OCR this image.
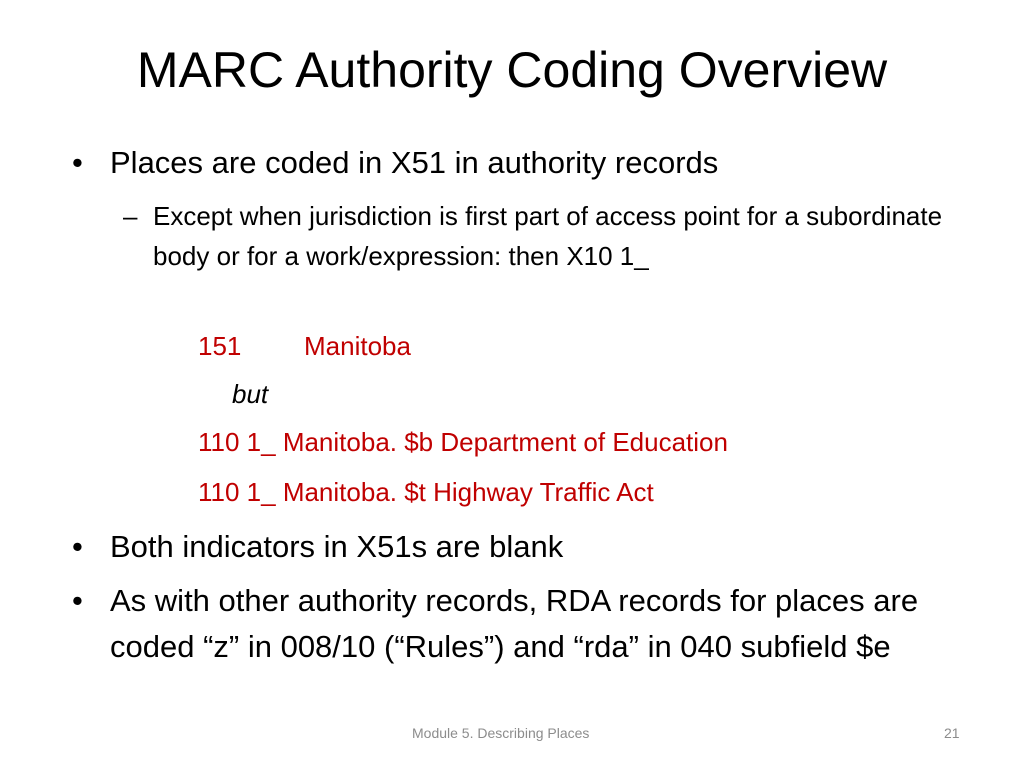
MARC Authority Coding Overview
• Places are coded in X51 in authority records
– Except when jurisdiction is first part of access point for a subordinate body or for a work/expression: then X10 1_
151 Manitoba
but
110 1_ Manitoba. $b Department of Education
110 1_ Manitoba. $t Highway Traffic Act
• Both indicators in X51s are blank
• As with other authority records, RDA records for places are coded “z” in 008/10 (“Rules”) and “rda” in 040 subfield $e
Module 5. Describing Places	21
